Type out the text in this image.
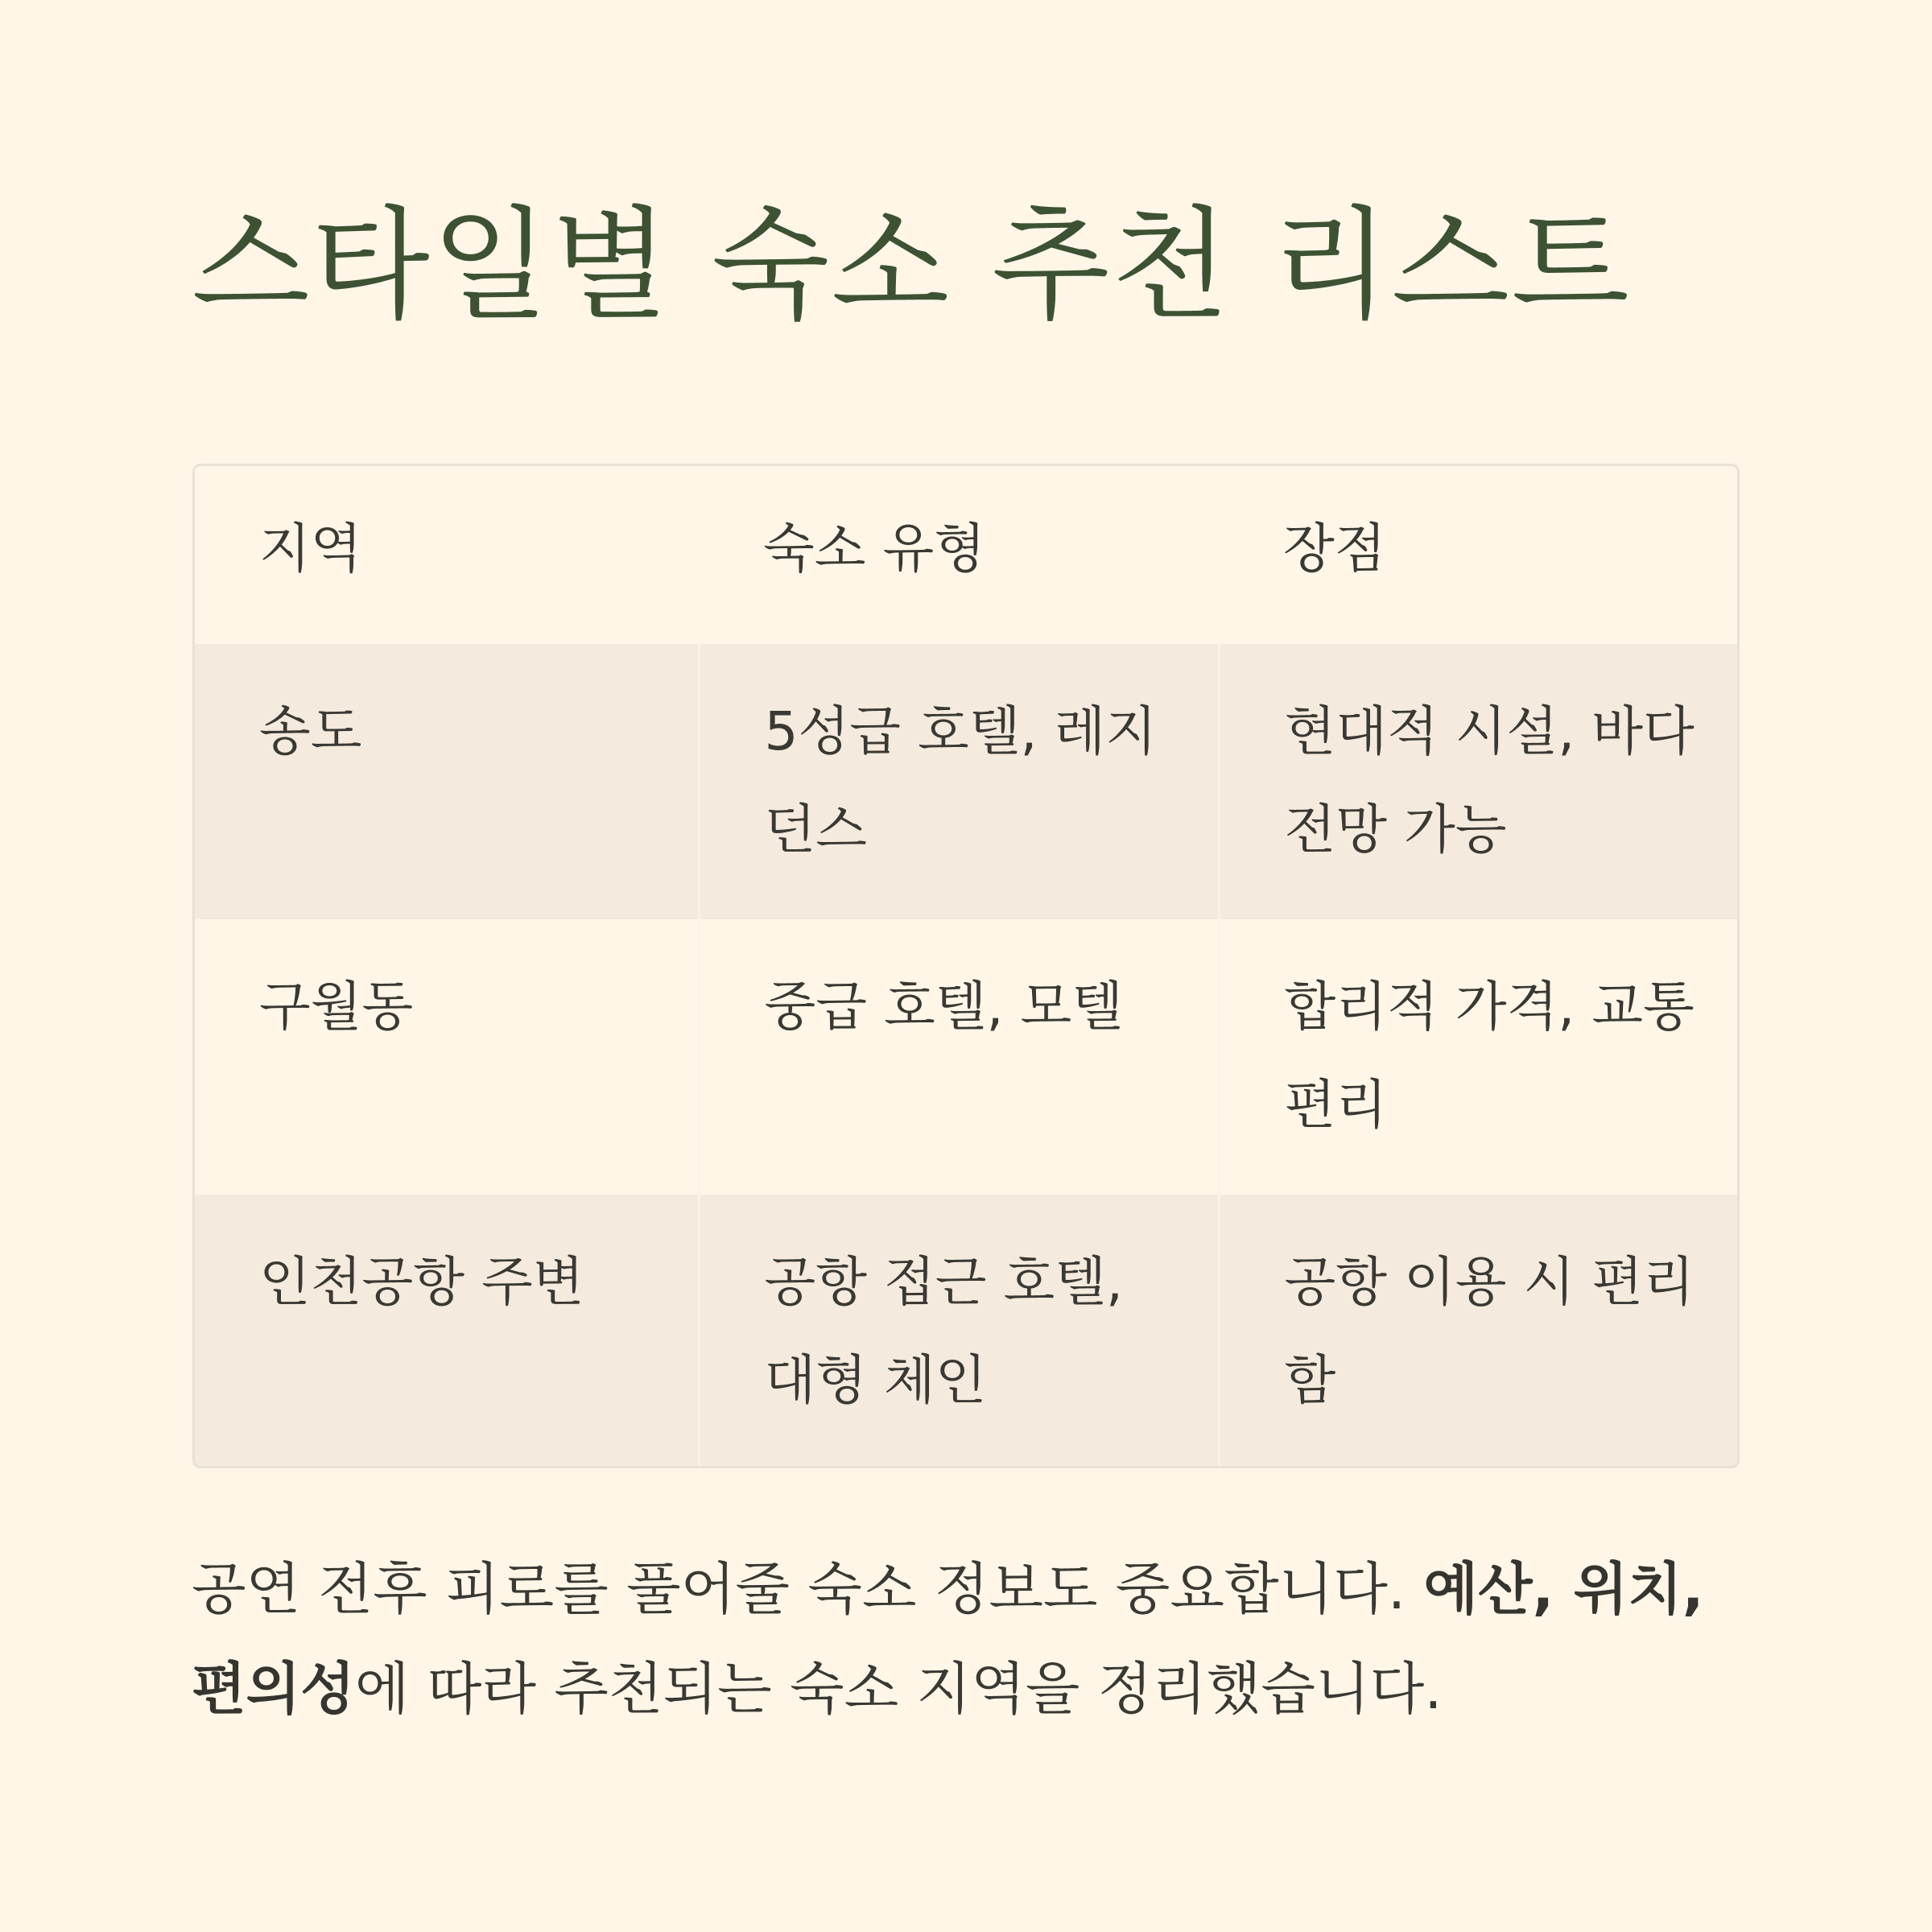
스타일별 숙소 추천 리스트
지역	숙소 유형	장점
송도	5성급 호텔, 레지던스	현대적 시설, 바다 전망 가능
구월동	중급 호텔, 모텔	합리적 가격, 교통 편리
인천공항 주변	공항 접근 호텔, 대형 체인	공항 이용 시 편리함

공연 전후 피로를 풀어줄 숙소 정보도 중요합니다. 예산, 위치, 편의성에 따라 추천되는 숙소 지역을 정리했습니다.
